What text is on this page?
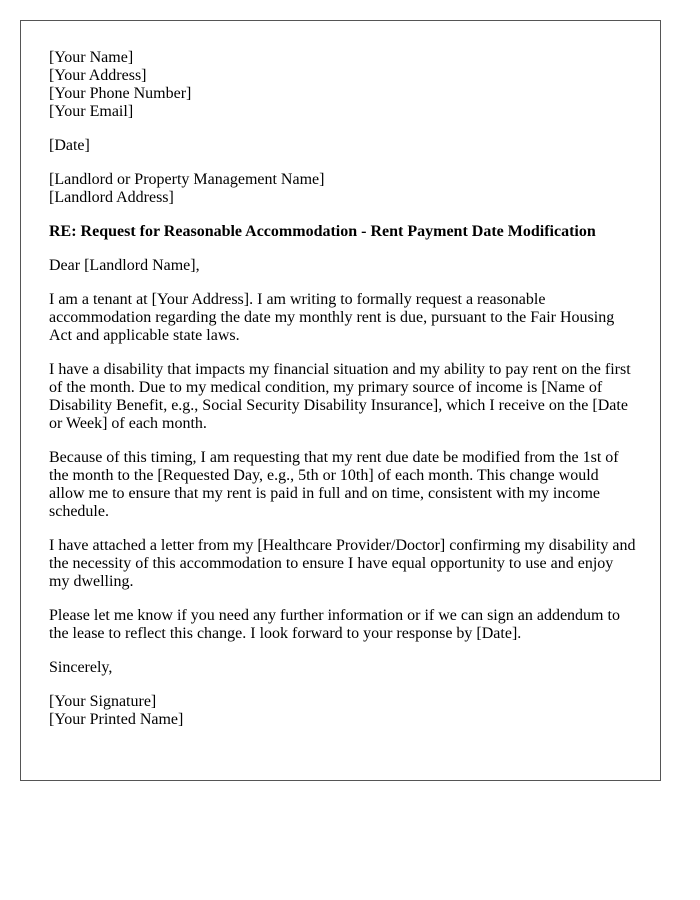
[Your Name]
[Your Address]
[Your Phone Number]
[Your Email]
[Date]
[Landlord or Property Management Name]
[Landlord Address]
RE: Request for Reasonable Accommodation - Rent Payment Date Modification
Dear [Landlord Name],

I am a tenant at [Your Address]. I am writing to formally request a reasonable accommodation regarding the date my monthly rent is due, pursuant to the Fair Housing Act and applicable state laws.

I have a disability that impacts my financial situation and my ability to pay rent on the first of the month. Due to my medical condition, my primary source of income is [Name of Disability Benefit, e.g., Social Security Disability Insurance], which I receive on the [Date or Week] of each month.

Because of this timing, I am requesting that my rent due date be modified from the 1st of the month to the [Requested Day, e.g., 5th or 10th] of each month. This change would allow me to ensure that my rent is paid in full and on time, consistent with my income schedule.

I have attached a letter from my [Healthcare Provider/Doctor] confirming my disability and the necessity of this accommodation to ensure I have equal opportunity to use and enjoy my dwelling.

Please let me know if you need any further information or if we can sign an addendum to the lease to reflect this change. I look forward to your response by [Date].

Sincerely,
[Your Signature]
[Your Printed Name]
